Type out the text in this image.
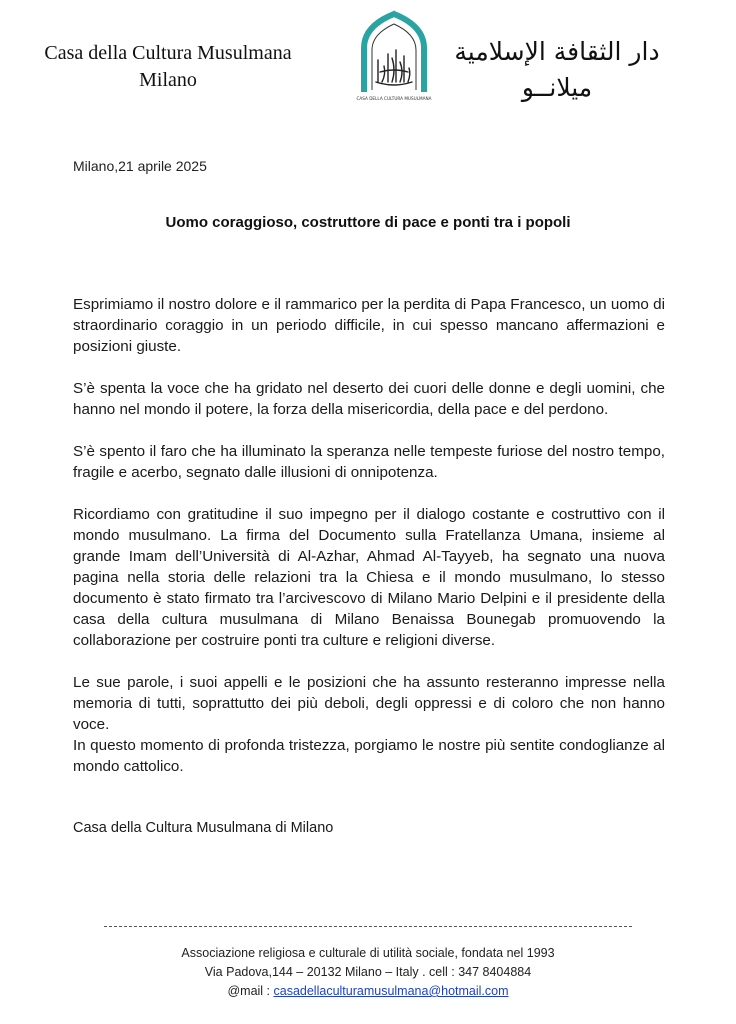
Casa della Cultura Musulmana
Milano
CASA DELLA CULTURA MUSULMANA
دار الثقافة الإسلامية
ميلانــو
Milano,21 aprile 2025
Uomo coraggioso, costruttore di pace e ponti tra i popoli

Esprimiamo il nostro dolore e il rammarico per la perdita di Papa Francesco, un uomo di straordinario coraggio in un periodo difficile, in cui spesso mancano affermazioni e posizioni giuste.

S’è spenta la voce che ha gridato nel deserto dei cuori delle donne e degli uomini, che hanno nel mondo il potere, la forza della misericordia, della pace e del perdono.

S’è spento il faro che ha illuminato la speranza nelle tempeste furiose del nostro tempo, fragile e acerbo, segnato dalle illusioni di onnipotenza.

Ricordiamo con gratitudine il suo impegno per il dialogo costante e costruttivo con il mondo musulmano. La firma del Documento sulla Fratellanza Umana, insieme al grande Imam dell’Università di Al-Azhar, Ahmad Al-Tayyeb, ha segnato una nuova pagina nella storia delle relazioni tra la Chiesa e il mondo musulmano, lo stesso documento è stato firmato tra l’arcivescovo di Milano Mario Delpini e il presidente della casa della cultura musulmana di Milano Benaissa Bounegab promuovendo la collaborazione per costruire ponti tra culture e religioni diverse.

Le sue parole, i suoi appelli e le posizioni che ha assunto resteranno impresse nella memoria di tutti, soprattutto dei più deboli, degli oppressi e di coloro che non hanno voce.

In questo momento di profonda tristezza, porgiamo le nostre più sentite condoglianze al mondo cattolico.

Casa della Cultura Musulmana di Milano
Associazione religiosa e culturale di utilità sociale, fondata nel 1993
Via Padova,144 – 20132 Milano – Italy . cell : 347 8404884
@mail : casadellaculturamusulmana@hotmail.com
